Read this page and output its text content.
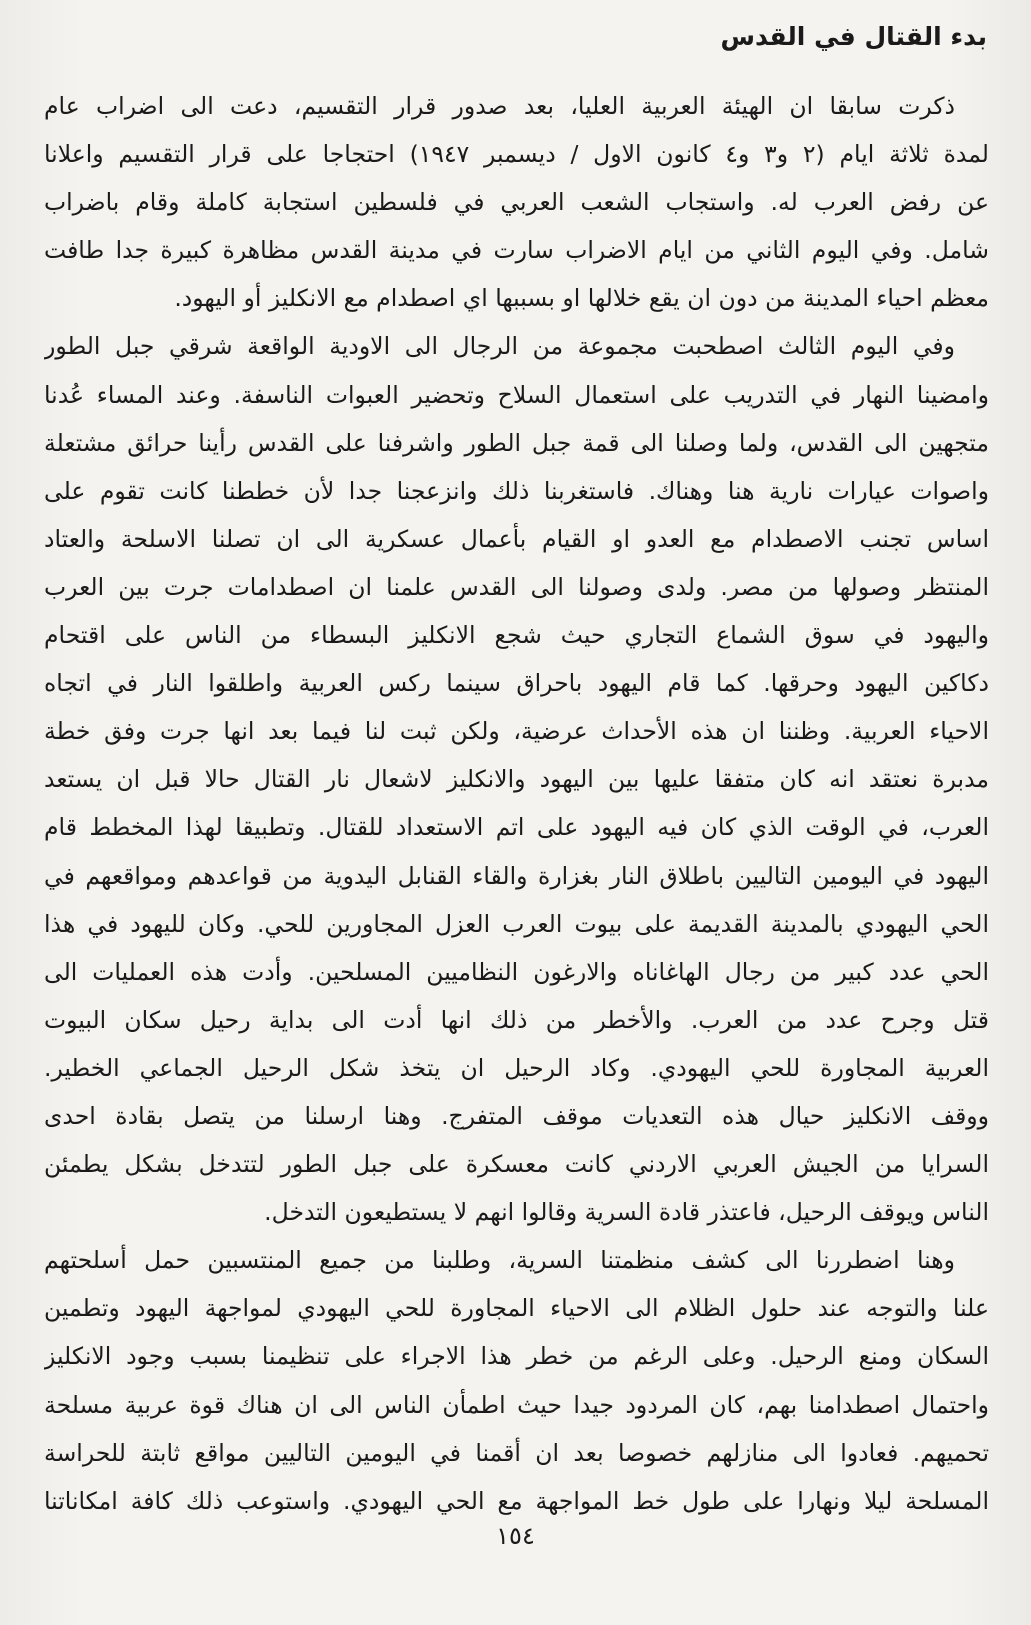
بدء القتال في القدس
ذكرت سابقا ان الهيئة العربية العليا، بعد صدور قرار التقسيم، دعت الى اضراب عام
لمدة ثلاثة ايام (٢ و٣ و٤ كانون الاول / ديسمبر ١٩٤٧) احتجاجا على قرار التقسيم واعلانا
عن رفض العرب له. واستجاب الشعب العربي في فلسطين استجابة كاملة وقام باضراب
شامل. وفي اليوم الثاني من ايام الاضراب سارت في مدينة القدس مظاهرة كبيرة جدا طافت
معظم احياء المدينة من دون ان يقع خلالها او بسببها اي اصطدام مع الانكليز أو اليهود.
وفي اليوم الثالث اصطحبت مجموعة من الرجال الى الاودية الواقعة شرقي جبل الطور
وامضينا النهار في التدريب على استعمال السلاح وتحضير العبوات الناسفة. وعند المساء عُدنا
متجهين الى القدس، ولما وصلنا الى قمة جبل الطور واشرفنا على القدس رأينا حرائق مشتعلة
واصوات عيارات نارية هنا وهناك. فاستغربنا ذلك وانزعجنا جدا لأن خططنا كانت تقوم على
اساس تجنب الاصطدام مع العدو او القيام بأعمال عسكرية الى ان تصلنا الاسلحة والعتاد
المنتظر وصولها من مصر. ولدى وصولنا الى القدس علمنا ان اصطدامات جرت بين العرب
واليهود في سوق الشماع التجاري حيث شجع الانكليز البسطاء من الناس على اقتحام
دكاكين اليهود وحرقها. كما قام اليهود باحراق سينما ركس العربية واطلقوا النار في اتجاه
الاحياء العربية. وظننا ان هذه الأحداث عرضية، ولكن ثبت لنا فيما بعد انها جرت وفق خطة
مدبرة نعتقد انه كان متفقا عليها بين اليهود والانكليز لاشعال نار القتال حالا قبل ان يستعد
العرب، في الوقت الذي كان فيه اليهود على اتم الاستعداد للقتال. وتطبيقا لهذا المخطط قام
اليهود في اليومين التاليين باطلاق النار بغزارة والقاء القنابل اليدوية من قواعدهم ومواقعهم في
الحي اليهودي بالمدينة القديمة على بيوت العرب العزل المجاورين للحي. وكان لليهود في هذا
الحي عدد كبير من رجال الهاغاناه والارغون النظاميين المسلحين. وأدت هذه العمليات الى
قتل وجرح عدد من العرب. والأخطر من ذلك انها أدت الى بداية رحيل سكان البيوت
العربية المجاورة للحي اليهودي. وكاد الرحيل ان يتخذ شكل الرحيل الجماعي الخطير.
ووقف الانكليز حيال هذه التعديات موقف المتفرج. وهنا ارسلنا من يتصل بقادة احدى
السرايا من الجيش العربي الاردني كانت معسكرة على جبل الطور لتتدخل بشكل يطمئن
الناس ويوقف الرحيل، فاعتذر قادة السرية وقالوا انهم لا يستطيعون التدخل.
وهنا اضطررنا الى كشف منظمتنا السرية، وطلبنا من جميع المنتسبين حمل أسلحتهم
علنا والتوجه عند حلول الظلام الى الاحياء المجاورة للحي اليهودي لمواجهة اليهود وتطمين
السكان ومنع الرحيل. وعلى الرغم من خطر هذا الاجراء على تنظيمنا بسبب وجود الانكليز
واحتمال اصطدامنا بهم، كان المردود جيدا حيث اطمأن الناس الى ان هناك قوة عربية مسلحة
تحميهم. فعادوا الى منازلهم خصوصا بعد ان أقمنا في اليومين التاليين مواقع ثابتة للحراسة
المسلحة ليلا ونهارا على طول خط المواجهة مع الحي اليهودي. واستوعب ذلك كافة امكاناتنا
١٥٤
